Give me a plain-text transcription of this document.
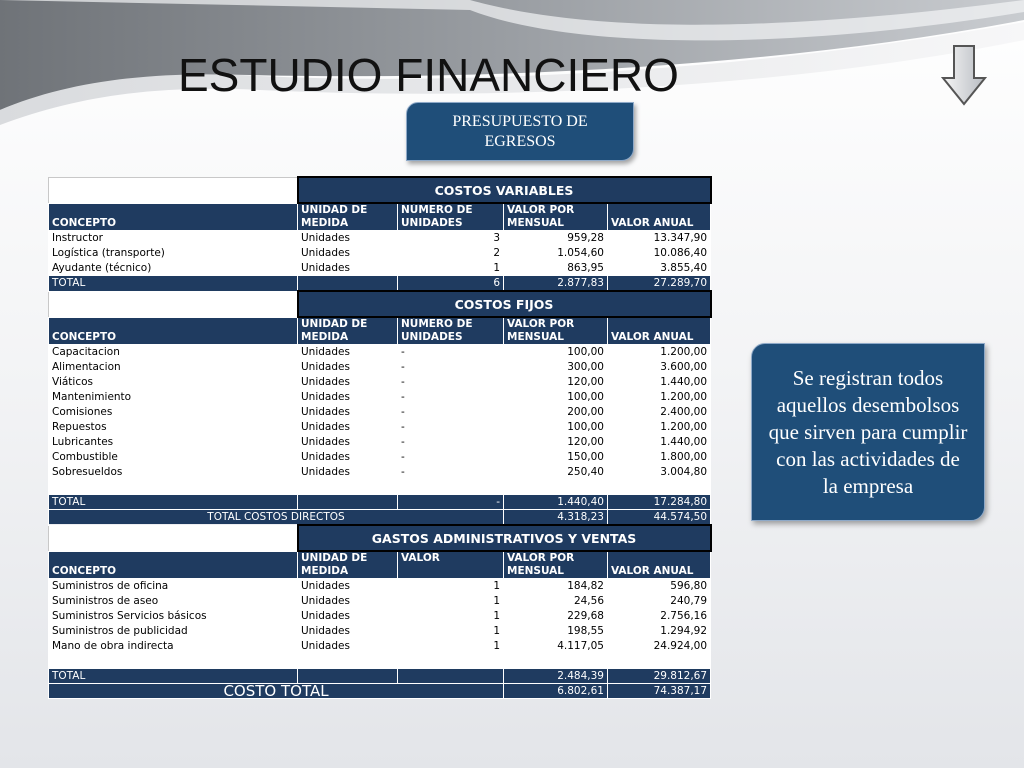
ESTUDIO FINANCIERO
PRESUPUESTO DE EGRESOS
Se registran todos aquellos desembolsos que sirven para cumplir con las actividades de la empresa
	COSTOS VARIABLES			
CONCEPTO	UNIDAD DE MEDIDA	NÚMERO DE UNIDADES	VALOR POR MENSUAL	VALOR ANUAL
Instructor	Unidades	3	959,28	13.347,90
Logística (transporte)	Unidades	2	1.054,60	10.086,40
Ayudante (técnico)	Unidades	1	863,95	3.855,40
TOTAL		6	2.877,83	27.289,70
	COSTOS FIJOS			
CONCEPTO	UNIDAD DE MEDIDA	NÚMERO DE UNIDADES	VALOR POR MENSUAL	VALOR ANUAL
Capacitacion	Unidades	-	100,00	1.200,00
Alimentacion	Unidades	-	300,00	3.600,00
Viáticos	Unidades	-	120,00	1.440,00
Mantenimiento	Unidades	-	100,00	1.200,00
Comisiones	Unidades	-	200,00	2.400,00
Repuestos	Unidades	-	100,00	1.200,00
Lubricantes	Unidades	-	120,00	1.440,00
Combustible	Unidades	-	150,00	1.800,00
Sobresueldos	Unidades	-	250,40	3.004,80

TOTAL		-	1.440,40	17.284,80
TOTAL COSTOS DIRECTOS			4.318,23	44.574,50
	GASTOS ADMINISTRATIVOS Y VENTAS			
CONCEPTO	UNIDAD DE MEDIDA	VALOR	VALOR POR MENSUAL	VALOR ANUAL
Suministros de oficina	Unidades	1	184,82	596,80
Suministros de aseo	Unidades	1	24,56	240,79
Suministros Servicios básicos	Unidades	1	229,68	2.756,16
Suministros de publicidad	Unidades	1	198,55	1.294,92
Mano de obra indirecta	Unidades	1	4.117,05	24.924,00

TOTAL			2.484,39	29.812,67
COSTO TOTAL			6.802,61	74.387,17
